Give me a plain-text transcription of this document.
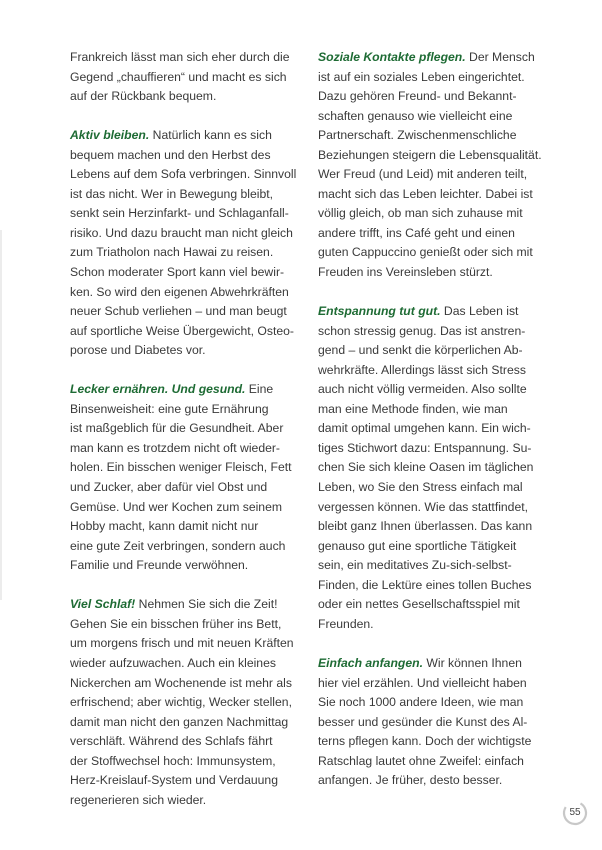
Frankreich lässt man sich eher durch die
Gegend „chauffieren“ und macht es sich
auf der Rückbank bequem.
Aktiv bleiben. Natürlich kann es sich
bequem machen und den Herbst des
Lebens auf dem Sofa verbringen. Sinnvoll
ist das nicht. Wer in Bewegung bleibt,
senkt sein Herzinfarkt- und Schlaganfall-
risiko. Und dazu braucht man nicht gleich
zum Triatholon nach Hawai zu reisen.
Schon moderater Sport kann viel bewir-
ken. So wird den eigenen Abwehrkräften
neuer Schub verliehen – und man beugt
auf sportliche Weise Übergewicht, Osteo-
porose und Diabetes vor.
Lecker ernähren. Und gesund. Eine
Binsenweisheit: eine gute Ernährung
ist maßgeblich für die Gesundheit. Aber
man kann es trotzdem nicht oft wieder-
holen. Ein bisschen weniger Fleisch, Fett
und Zucker, aber dafür viel Obst und
Gemüse. Und wer Kochen zum seinem
Hobby macht, kann damit nicht nur
eine gute Zeit verbringen, sondern auch
Familie und Freunde verwöhnen.
Viel Schlaf! Nehmen Sie sich die Zeit!
Gehen Sie ein bisschen früher ins Bett,
um morgens frisch und mit neuen Kräften
wieder aufzuwachen. Auch ein kleines
Nickerchen am Wochenende ist mehr als
erfrischend; aber wichtig, Wecker stellen,
damit man nicht den ganzen Nachmittag
verschläft. Während des Schlafs fährt
der Stoffwechsel hoch: Immunsystem,
Herz-Kreislauf-System und Verdauung
regenerieren sich wieder.
Soziale Kontakte pflegen. Der Mensch
ist auf ein soziales Leben eingerichtet.
Dazu gehören Freund- und Bekannt-
schaften genauso wie vielleicht eine
Partnerschaft. Zwischenmenschliche
Beziehungen steigern die Lebensqualität.
Wer Freud (und Leid) mit anderen teilt,
macht sich das Leben leichter. Dabei ist
völlig gleich, ob man sich zuhause mit
andere trifft, ins Café geht und einen
guten Cappuccino genießt oder sich mit
Freuden ins Vereinsleben stürzt.
Entspannung tut gut. Das Leben ist
schon stressig genug. Das ist anstren-
gend – und senkt die körperlichen Ab-
wehrkräfte. Allerdings lässt sich Stress
auch nicht völlig vermeiden. Also sollte
man eine Methode finden, wie man
damit optimal umgehen kann. Ein wich-
tiges Stichwort dazu: Entspannung. Su-
chen Sie sich kleine Oasen im täglichen
Leben, wo Sie den Stress einfach mal
vergessen können. Wie das stattfindet,
bleibt ganz Ihnen überlassen. Das kann
genauso gut eine sportliche Tätigkeit
sein, ein meditatives Zu-sich-selbst-
Finden, die Lektüre eines tollen Buches
oder ein nettes Gesellschaftsspiel mit
Freunden.
Einfach anfangen. Wir können Ihnen
hier viel erzählen. Und vielleicht haben
Sie noch 1000 andere Ideen, wie man
besser und gesünder die Kunst des Al-
terns pflegen kann. Doch der wichtigste
Ratschlag lautet ohne Zweifel: einfach
anfangen. Je früher, desto besser.
55
